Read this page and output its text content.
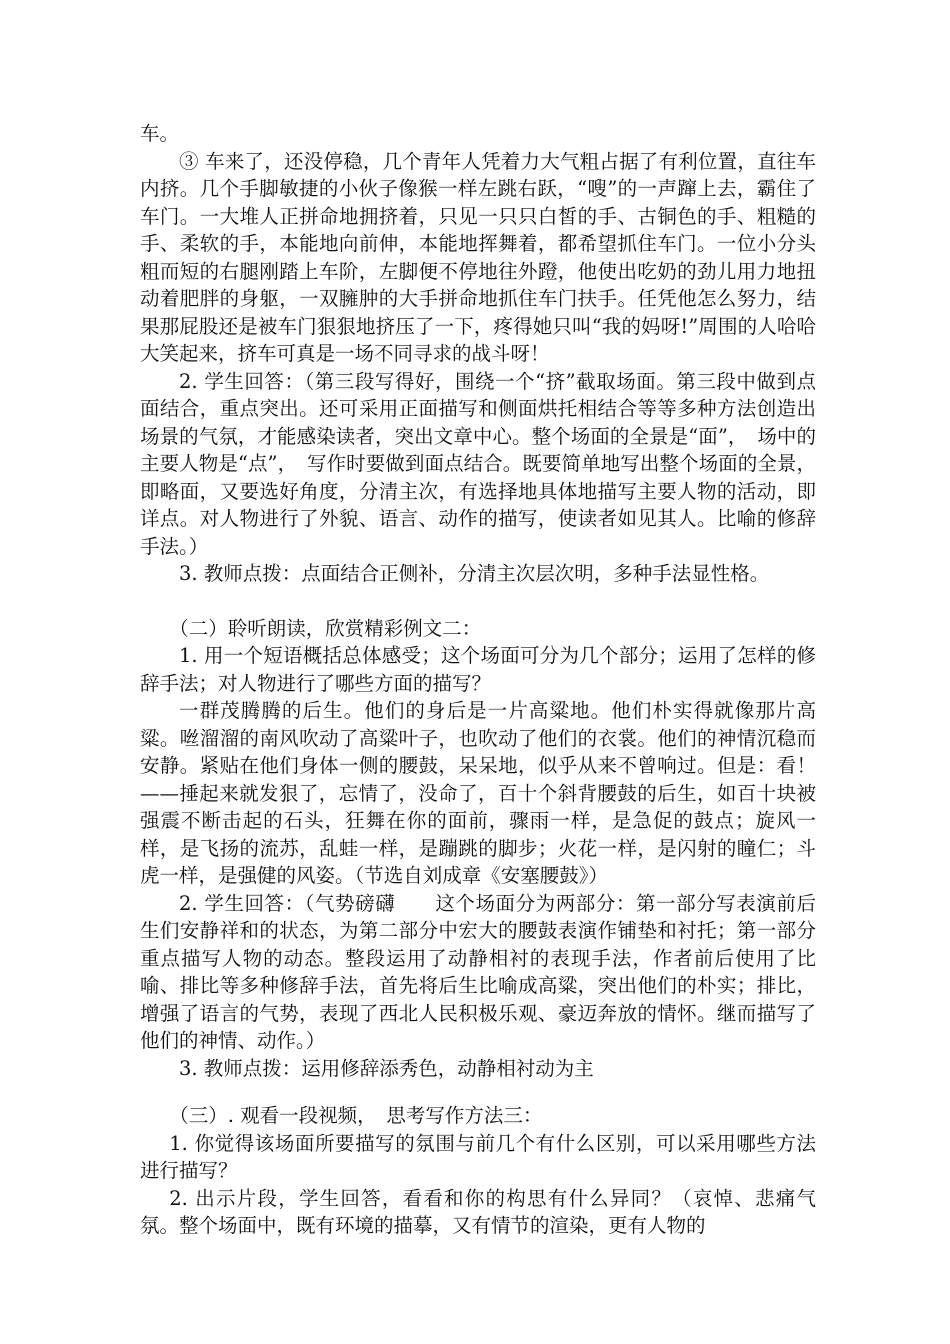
车。

③ 车来了，还没停稳，几个青年人凭着力大气粗占据了有利位置，直往车内挤。几个手脚敏捷的小伙子像猴一样左跳右跃，“嗖”的一声蹿上去，霸住了车门。一大堆人正拼命地拥挤着，只见一只只白皙的手、古铜色的手、粗糙的手、柔软的手，本能地向前伸，本能地挥舞着，都希望抓住车门。一位小分头粗而短的右腿刚踏上车阶，左脚便不停地往外蹬，他使出吃奶的劲儿用力地扭动着肥胖的身躯，一双臃肿的大手拼命地抓住车门扶手。任凭他怎么努力，结果那屁股还是被车门狠狠地挤压了一下，疼得她只叫“我的妈呀!”周围的人哈哈大笑起来，挤车可真是一场不同寻求的战斗呀！

2. 学生回答：（第三段写得好，围绕一个“挤”截取场面。第三段中做到点面结合，重点突出。还可采用正面描写和侧面烘托相结合等等多种方法创造出场景的气氛，才能感染读者，突出文章中心。整个场面的全景是“面”，　场中的主要人物是“点”，　写作时要做到面点结合。既要简单地写出整个场面的全景，即略面，又要选好角度，分清主次，有选择地具体地描写主要人物的活动，即详点。对人物进行了外貌、语言、动作的描写，使读者如见其人。比喻的修辞手法。）

3. 教师点拨：点面结合正侧补，分清主次层次明，多种手法显性格。

（二）聆听朗读，欣赏精彩例文二：

1. 用一个短语概括总体感受；这个场面可分为几个部分；运用了怎样的修辞手法；对人物进行了哪些方面的描写？

一群茂腾腾的后生。他们的身后是一片高粱地。他们朴实得就像那片高粱。咝溜溜的南风吹动了高粱叶子，也吹动了他们的衣裳。他们的神情沉稳而安静。紧贴在他们身体一侧的腰鼓，呆呆地，似乎从来不曾响过。但是：看！——捶起来就发狠了，忘情了，没命了，百十个斜背腰鼓的后生，如百十块被强震不断击起的石头，狂舞在你的面前，骤雨一样，是急促的鼓点；旋风一样，是飞扬的流苏，乱蛙一样，是蹦跳的脚步；火花一样，是闪射的瞳仁；斗虎一样，是强健的风姿。（节选自刘成章《安塞腰鼓》）

2. 学生回答：（气势磅礴　　这个场面分为两部分：第一部分写表演前后生们安静祥和的状态，为第二部分中宏大的腰鼓表演作铺垫和衬托；第一部分重点描写人物的动态。整段运用了动静相衬的表现手法，作者前后使用了比喻、排比等多种修辞手法，首先将后生比喻成高粱，突出他们的朴实；排比，增强了语言的气势，表现了西北人民积极乐观、豪迈奔放的情怀。继而描写了他们的神情、动作。）

3. 教师点拨：运用修辞添秀色，动静相衬动为主

（三）. 观看一段视频，　思考写作方法三：

1. 你觉得该场面所要描写的氛围与前几个有什么区别，可以采用哪些方法进行描写？

2. 出示片段，学生回答，看看和你的构思有什么异同？（哀悼、悲痛气氛。整个场面中，既有环境的描摹，又有情节的渲染，更有人物的
